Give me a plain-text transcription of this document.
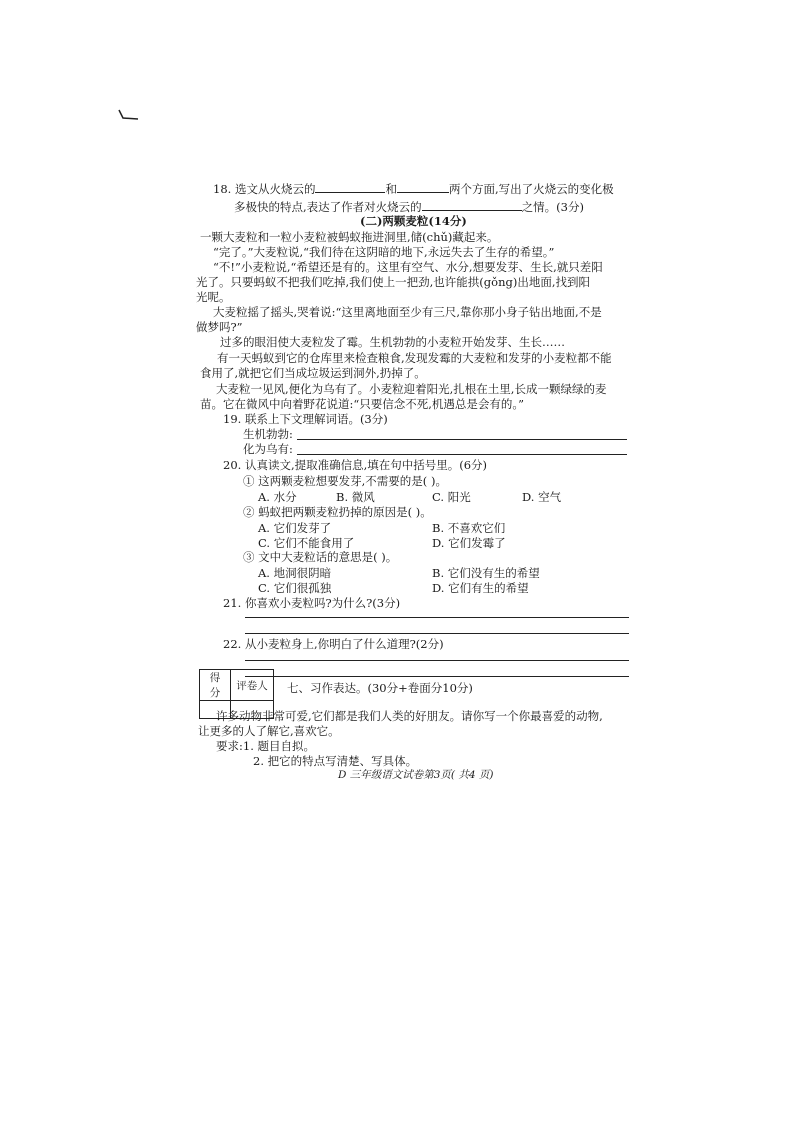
18. 选文从火烧云的	和	两个方面,写出了火烧云的变化极
多极快的特点,表达了作者对火烧云的	之情。(3分)
(二)两颗麦粒(14分)
一颗大麦粒和一粒小麦粒被蚂蚁拖进洞里,储(chǔ)藏起来。
“完了。”大麦粒说,“我们待在这阴暗的地下,永远失去了生存的希望。”
“不!”小麦粒说,“希望还是有的。这里有空气、水分,想要发芽、生长,就只差阳
光了。只要蚂蚁不把我们吃掉,我们使上一把劲,也许能拱(gǒng)出地面,找到阳
光呢。
大麦粒摇了摇头,哭着说:“这里离地面至少有三尺,靠你那小身子钻出地面,不是
做梦吗?”
过多的眼泪使大麦粒发了霉。生机勃勃的小麦粒开始发芽、生长……
有一天蚂蚁到它的仓库里来检查粮食,发现发霉的大麦粒和发芽的小麦粒都不能
食用了,就把它们当成垃圾运到洞外,扔掉了。
大麦粒一见风,便化为乌有了。小麦粒迎着阳光,扎根在土里,长成一颗绿绿的麦
苗。它在微风中向着野花说道:“只要信念不死,机遇总是会有的。”
19. 联系上下文理解词语。(3分)
生机勃勃:
化为乌有:
20. 认真读文,提取准确信息,填在句中括号里。(6分)
① 这两颗麦粒想要发芽,不需要的是( )。
A. 水分	B. 微风	C. 阳光	D. 空气
② 蚂蚁把两颗麦粒扔掉的原因是( )。
A. 它们发芽了	B. 不喜欢它们
C. 它们不能食用了	D. 它们发霉了
③ 文中大麦粒话的意思是( )。
A. 地洞很阴暗	B. 它们没有生的希望
C. 它们很孤独	D. 它们有生的希望
21. 你喜欢小麦粒吗?为什么?(3分)
22. 从小麦粒身上,你明白了什么道理?(2分)
得分	评卷人
	七、习作表达。(30分+卷面分10分)
许多动物非常可爱,它们都是我们人类的好朋友。请你写一个你最喜爱的动物,
让更多的人了解它,喜欢它。
要求:1. 题目自拟。
2. 把它的特点写清楚、写具体。
D 三年级语文试卷第3页( 共4 页)
